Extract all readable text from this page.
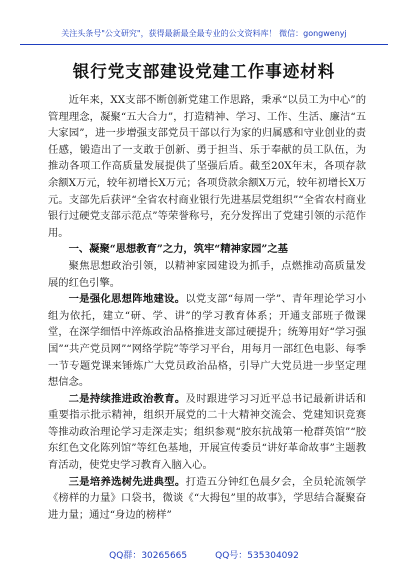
关注头条号"公文研究"，获得最新最全最专业的公文资料库！ 微信：gongwenyj
银行党支部建设党建工作事迹材料

近年来，XX支部不断创新党建工作思路，秉承“以员工为中心”的管理理念，凝聚“五大合力”，打造精神、学习、工作、生活、廉洁“五大家园”，进一步增强支部党员干部以行为家的归属感和守业创业的责任感，锻造出了一支敢于创新、勇于担当、乐于奉献的员工队伍，为推动各项工作高质量发展提供了坚强后盾。截至20X年末，各项存款余额X万元，较年初增长X万元；各项贷款余额X万元，较年初增长X万元。支部先后获评“全省农村商业银行先进基层党组织”“全省农村商业银行过硬党支部示范点”等荣誉称号，充分发挥出了党建引领的示范作用。

一、凝聚“思想教育”之力，筑牢“精神家园”之基

聚焦思想政治引领，以精神家园建设为抓手，点燃推动高质量发展的红色引擎。

一是强化思想阵地建设。以党支部“每周一学”、青年理论学习小组为依托，建立“研、学、讲”的学习教育体系；开通支部班子微课堂，在深学细悟中淬炼政治品格推进支部过硬提升；统筹用好“学习强国”“共产党员网”“网络学院”等学习平台，用每月一部红色电影、每季一节专题党课来锤炼广大党员政治品格，引导广大党员进一步坚定理想信念。

二是持续推进政治教育。及时跟进学习习近平总书记最新讲话和重要指示批示精神，组织开展党的二十大精神交流会、党建知识竞赛等推动政治理论学习走深走实；组织参观“胶东抗战第一枪群英馆”“胶东红色文化陈列馆”等红色基地，开展宣传委员“讲好革命故事”主题教育活动，使党史学习教育入脑入心。

三是培养选树先进典型。打造五分钟红色晨夕会，全员轮流领学《榜样的力量》口袋书，微谈《“大拇包”里的故事》，学思结合凝聚奋进力量；通过“身边的榜样”

QQ群：30265665	QQ号：535304092
